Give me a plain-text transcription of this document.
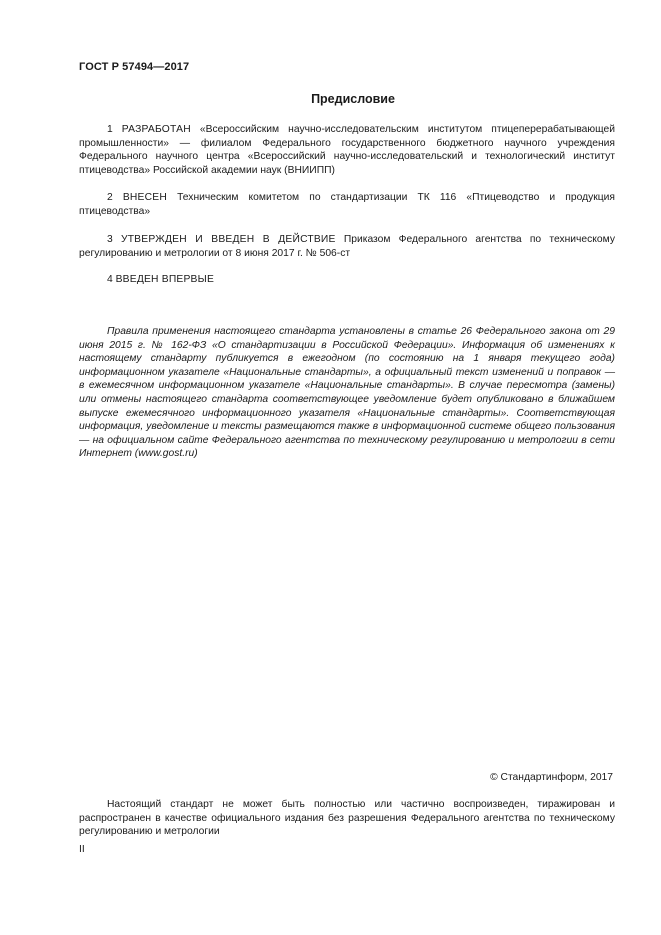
ГОСТ Р 57494—2017
Предисловие

1 РАЗРАБОТАН «Всероссийским научно-исследовательским институтом птицеперерабатывающей промышленности» — филиалом Федерального государственного бюджетного научного учреждения Федерального научного центра «Всероссийский научно-исследовательский и технологический институт птицеводства» Российской академии наук (ВНИИПП)

2 ВНЕСЕН Техническим комитетом по стандартизации ТК 116 «Птицеводство и продукция птицеводства»

3 УТВЕРЖДЕН И ВВЕДЕН В ДЕЙСТВИЕ Приказом Федерального агентства по техническому регулированию и метрологии от 8 июня 2017 г. № 506-ст

4 ВВЕДЕН ВПЕРВЫЕ

Правила применения настоящего стандарта установлены в статье 26 Федерального закона от 29 июня 2015 г. № 162-ФЗ «О стандартизации в Российской Федерации». Информация об изменениях к настоящему стандарту публикуется в ежегодном (по состоянию на 1 января текущего года) информационном указателе «Национальные стандарты», а официальный текст изменений и поправок — в ежемесячном информационном указателе «Национальные стандарты». В случае пересмотра (замены) или отмены настоящего стандарта соответствующее уведомление будет опубликовано в ближайшем выпуске ежемесячного информационного указателя «Национальные стандарты». Соответствующая информация, уведомление и тексты размещаются также в информационной системе общего пользования — на официальном сайте Федерального агентства по техническому регулированию и метрологии в сети Интернет (www.gost.ru)

© Стандартинформ, 2017

Настоящий стандарт не может быть полностью или частично воспроизведен, тиражирован и распространен в качестве официального издания без разрешения Федерального агентства по техническому регулированию и метрологии

II
